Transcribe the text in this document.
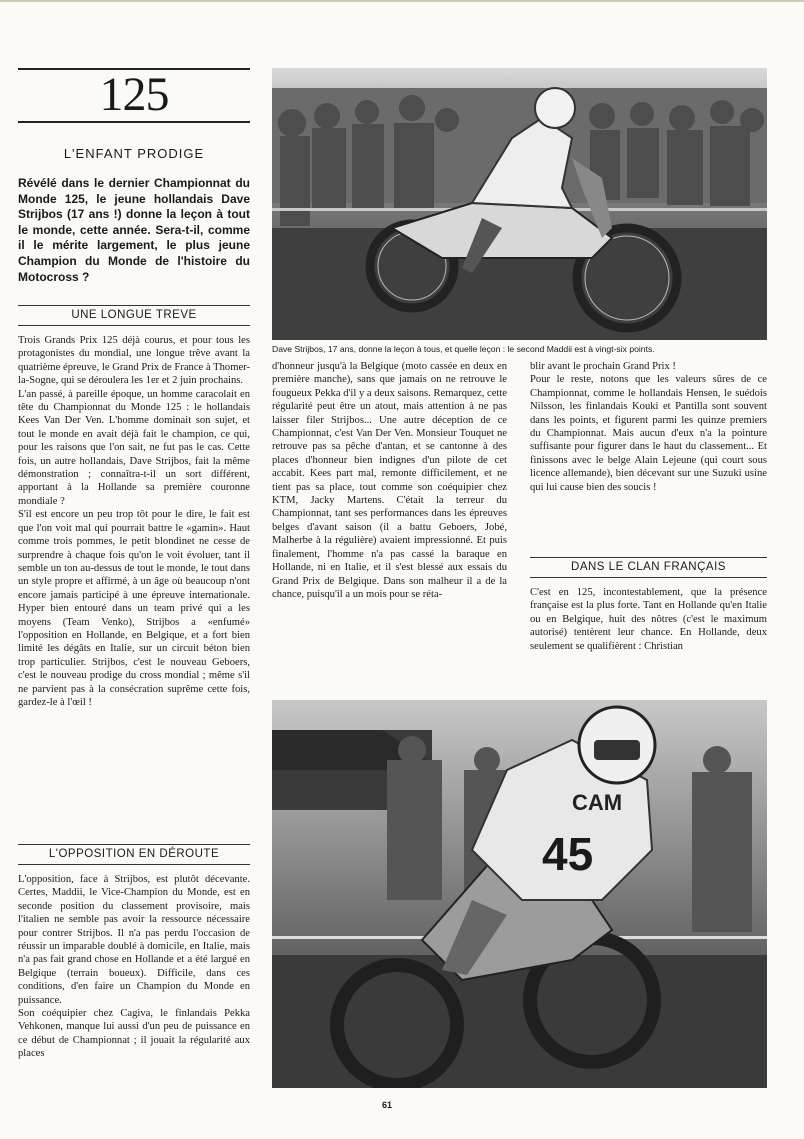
125
L'ENFANT PRODIGE
Révélé dans le dernier Championnat du Monde 125, le jeune hollandais Dave Strijbos (17 ans !) donne la leçon à tout le monde, cette année. Sera-t-il, comme il le mérite largement, le plus jeune Champion du Monde de l'histoire du Motocross ?
UNE LONGUE TREVE

Trois Grands Prix 125 déjà courus, et pour tous les protagonistes du mondial, une longue trêve avant la quatrième épreuve, le Grand Prix de France à Thomer-la-Sogne, qui se déroulera les 1er et 2 juin prochains.

L'an passé, à pareille époque, un homme caracolait en tête du Championnat du Monde 125 : le hollandais Kees Van Der Ven. L'homme dominait son sujet, et tout le monde en avait déjà fait le champion, ce qui, pour les raisons que l'on sait, ne fut pas le cas. Cette fois, un autre hollandais, Dave Strijbos, fait la même démonstration ; connaîtra-t-il un sort différent, apportant à la Hollande sa première couronne mondiale ?

S'il est encore un peu trop tôt pour le dire, le fait est que l'on voit mal qui pourrait battre le «gamin». Haut comme trois pommes, le petit blondinet ne cesse de surprendre à chaque fois qu'on le voit évoluer, tant il semble un ton au-dessus de tout le monde, le tout dans un style propre et affirmé, à un âge où beaucoup n'ont encore jamais participé à une épreuve internationale. Hyper bien entouré dans un team privé qui a les moyens (Team Venko), Strijbos a «enfumé» l'opposition en Hollande, en Belgique, et a fort bien limité les dégâts en Italie, sur un circuit béton bien trop particulier. Strijbos, c'est le nouveau Geboers, c'est le nouveau prodige du cross mondial ; même s'il ne parvient pas à la consécration suprême cette fois, gardez-le à l'œil !

L'OPPOSITION EN DÉROUTE

L'opposition, face à Strijbos, est plutôt décevante. Certes, Maddii, le Vice-Champion du Monde, est en seconde position du classement provisoire, mais l'italien ne semble pas avoir la ressource nécessaire pour contrer Strijbos. Il n'a pas perdu l'occasion de réussir un imparable doublé à domicile, en Italie, mais n'a pas fait grand chose en Hollande et a été largué en Belgique (terrain boueux). Difficile, dans ces conditions, d'en faire un Champion du Monde en puissance.

Son coéquipier chez Cagiva, le finlandais Pekka Vehkonen, manque lui aussi d'un peu de puissance en ce début de Championnat ; il jouait la régularité aux places

Dave Strijbos, 17 ans, donne la leçon à tous, et quelle leçon : le second Maddii est à vingt-six points.

d'honneur jusqu'à la Belgique (moto cassée en deux en première manche), sans que jamais on ne retrouve le fougueux Pekka d'il y a deux saisons. Remarquez, cette régularité peut être un atout, mais attention à ne pas laisser filer Strijbos... Une autre déception de ce Championnat, c'est Van Der Ven. Monsieur Touquet ne retrouve pas sa pêche d'antan, et se cantonne à des places d'honneur bien indignes d'un pilote de cet accabit. Kees part mal, remonte difficilement, et ne tient pas sa place, tout comme son coéquipier chez KTM, Jacky Martens. C'était la terreur du Championnat, tant ses performances dans les épreuves belges d'avant saison (il a battu Geboers, Jobé, Malherbe à la régulière) avaient impressionné. Et puis finalement, l'homme n'a pas cassé la baraque en Hollande, ni en Italie, et il s'est blessé aux essais du Grand Prix de Belgique. Dans son malheur il a de la chance, puisqu'il a un mois pour se réta-

blir avant le prochain Grand Prix !

Pour le reste, notons que les valeurs sûres de ce Championnat, comme le hollandais Hensen, le suédois Nilsson, les finlandais Kouki et Pantilla sont souvent dans les points, et figurent parmi les quinze premiers du Championnat. Mais aucun d'eux n'a la pointure suffisante pour figurer dans le haut du classement... Et finissons avec le belge Alain Lejeune (qui court sous licence allemande), bien décevant sur une Suzuki usine qui lui cause bien des soucis !

DANS LE CLAN FRANÇAIS

C'est en 125, incontestablement, que la présence française est la plus forte. Tant en Hollande qu'en Italie ou en Belgique, huit des nôtres (c'est le maximum autorisé) tentèrent leur chance. En Hollande, deux seulement se qualifièrent : Christian

CAM
45
61
